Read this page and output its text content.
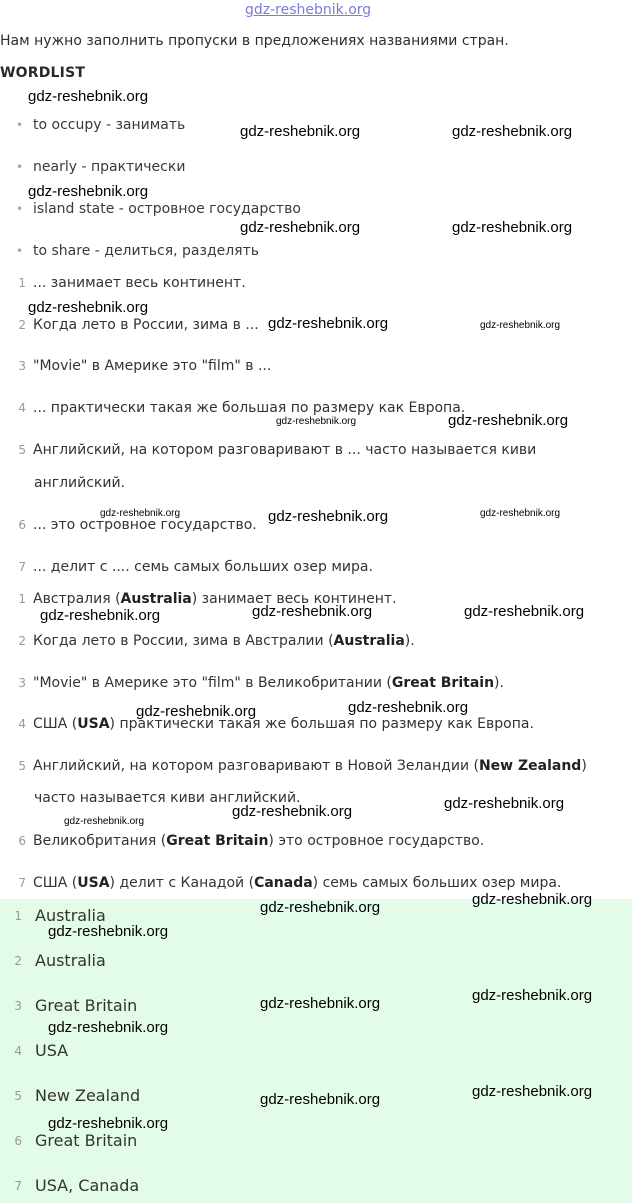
gdz-reshebnik.org
Нам нужно заполнить пропуски в предложениях названиями стран.
WORDLIST
• to occupy - занимать
• nearly - практически
• island state - островное государство
• to share - делиться, разделять
1 ... занимает весь континент.
2 Когда лето в России, зима в ...
3 "Movie" в Америке это "film" в ...
4 ... практически такая же большая по размеру как Европа.
5 Английский, на котором разговаривают в ... часто называется киви
английский.
6 ... это островное государство.
7 ... делит с .... семь самых больших озер мира.
1 Австралия (Australia) занимает весь континент.
2 Когда лето в России, зима в Австралии (Australia).
3 "Movie" в Америке это "film" в Великобритании (Great Britain).
4 США (USA) практически такая же большая по размеру как Европа.
5 Английский, на котором разговаривают в Новой Зеландии (New Zealand)
часто называется киви английский.
6 Великобритания (Great Britain) это островное государство.
7 США (USA) делит с Канадой (Canada) семь самых больших озер мира.
1 Australia
2 Australia
3 Great Britain
4 USA
5 New Zealand
6 Great Britain
7 USA, Canada
gdz-reshebnik.org
gdz-reshebnik.org	gdz-reshebnik.org
gdz-reshebnik.org
gdz-reshebnik.org	gdz-reshebnik.org
gdz-reshebnik.org
gdz-reshebnik.org	gdz-reshebnik.org
gdz-reshebnik.org	gdz-reshebnik.org
gdz-reshebnik.org	gdz-reshebnik.org	gdz-reshebnik.org
gdz-reshebnik.org	gdz-reshebnik.org	gdz-reshebnik.org
gdz-reshebnik.org	gdz-reshebnik.org
gdz-reshebnik.org	gdz-reshebnik.org
gdz-reshebnik.org
gdz-reshebnik.org	gdz-reshebnik.org
gdz-reshebnik.org
gdz-reshebnik.org	gdz-reshebnik.org
gdz-reshebnik.org
gdz-reshebnik.org	gdz-reshebnik.org
gdz-reshebnik.org
